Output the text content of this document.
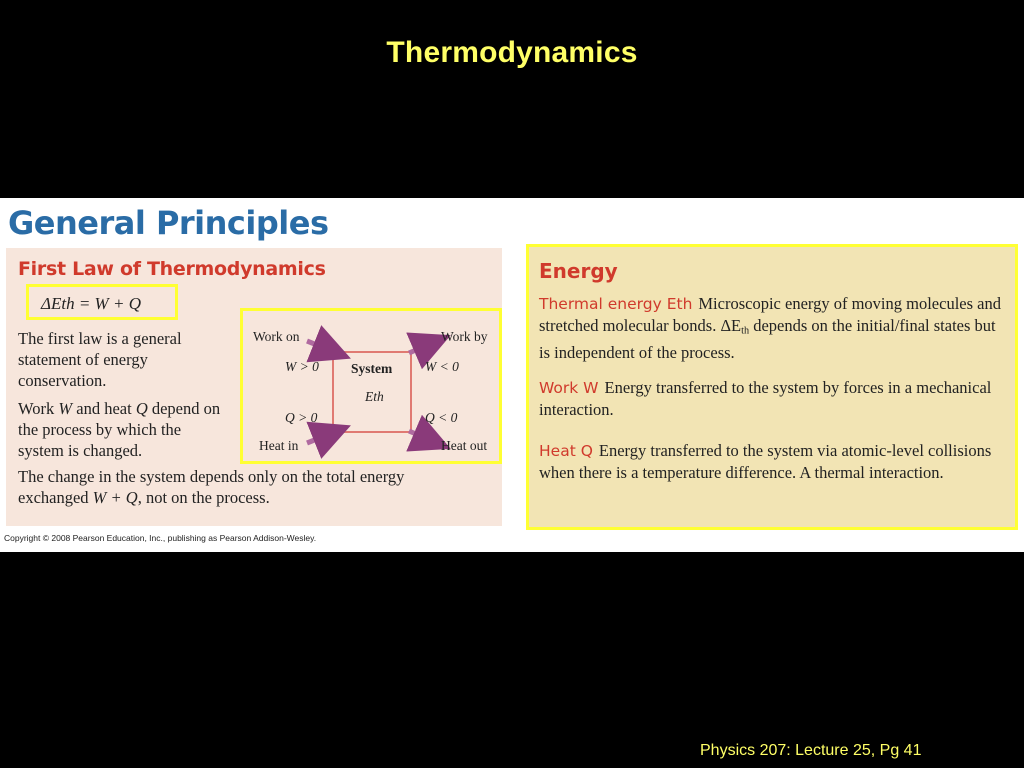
Thermodynamics
General Principles
First Law of Thermodynamics
ΔEth = W + Q
The first law is a general statement of energy conservation.
Work W and heat Q depend on the process by which the system is changed.
The change in the system depends only on the total energy exchanged W + Q, not on the process.
Work on	Work by
W > 0	W < 0
System
Eth
Q > 0	Q < 0
Heat in	Heat out
Energy
Thermal energy Eth Microscopic energy of moving molecules and stretched molecular bonds. $\Delta E_{th}$ depends on the initial/final states but is independent of the process.
Work W Energy transferred to the system by forces in a mechanical interaction.
Heat Q Energy transferred to the system via atomic-level collisions when there is a temperature difference. A thermal interaction.
Copyright © 2008 Pearson Education, Inc., publishing as Pearson Addison-Wesley.
Physics 207: Lecture 25, Pg 41
